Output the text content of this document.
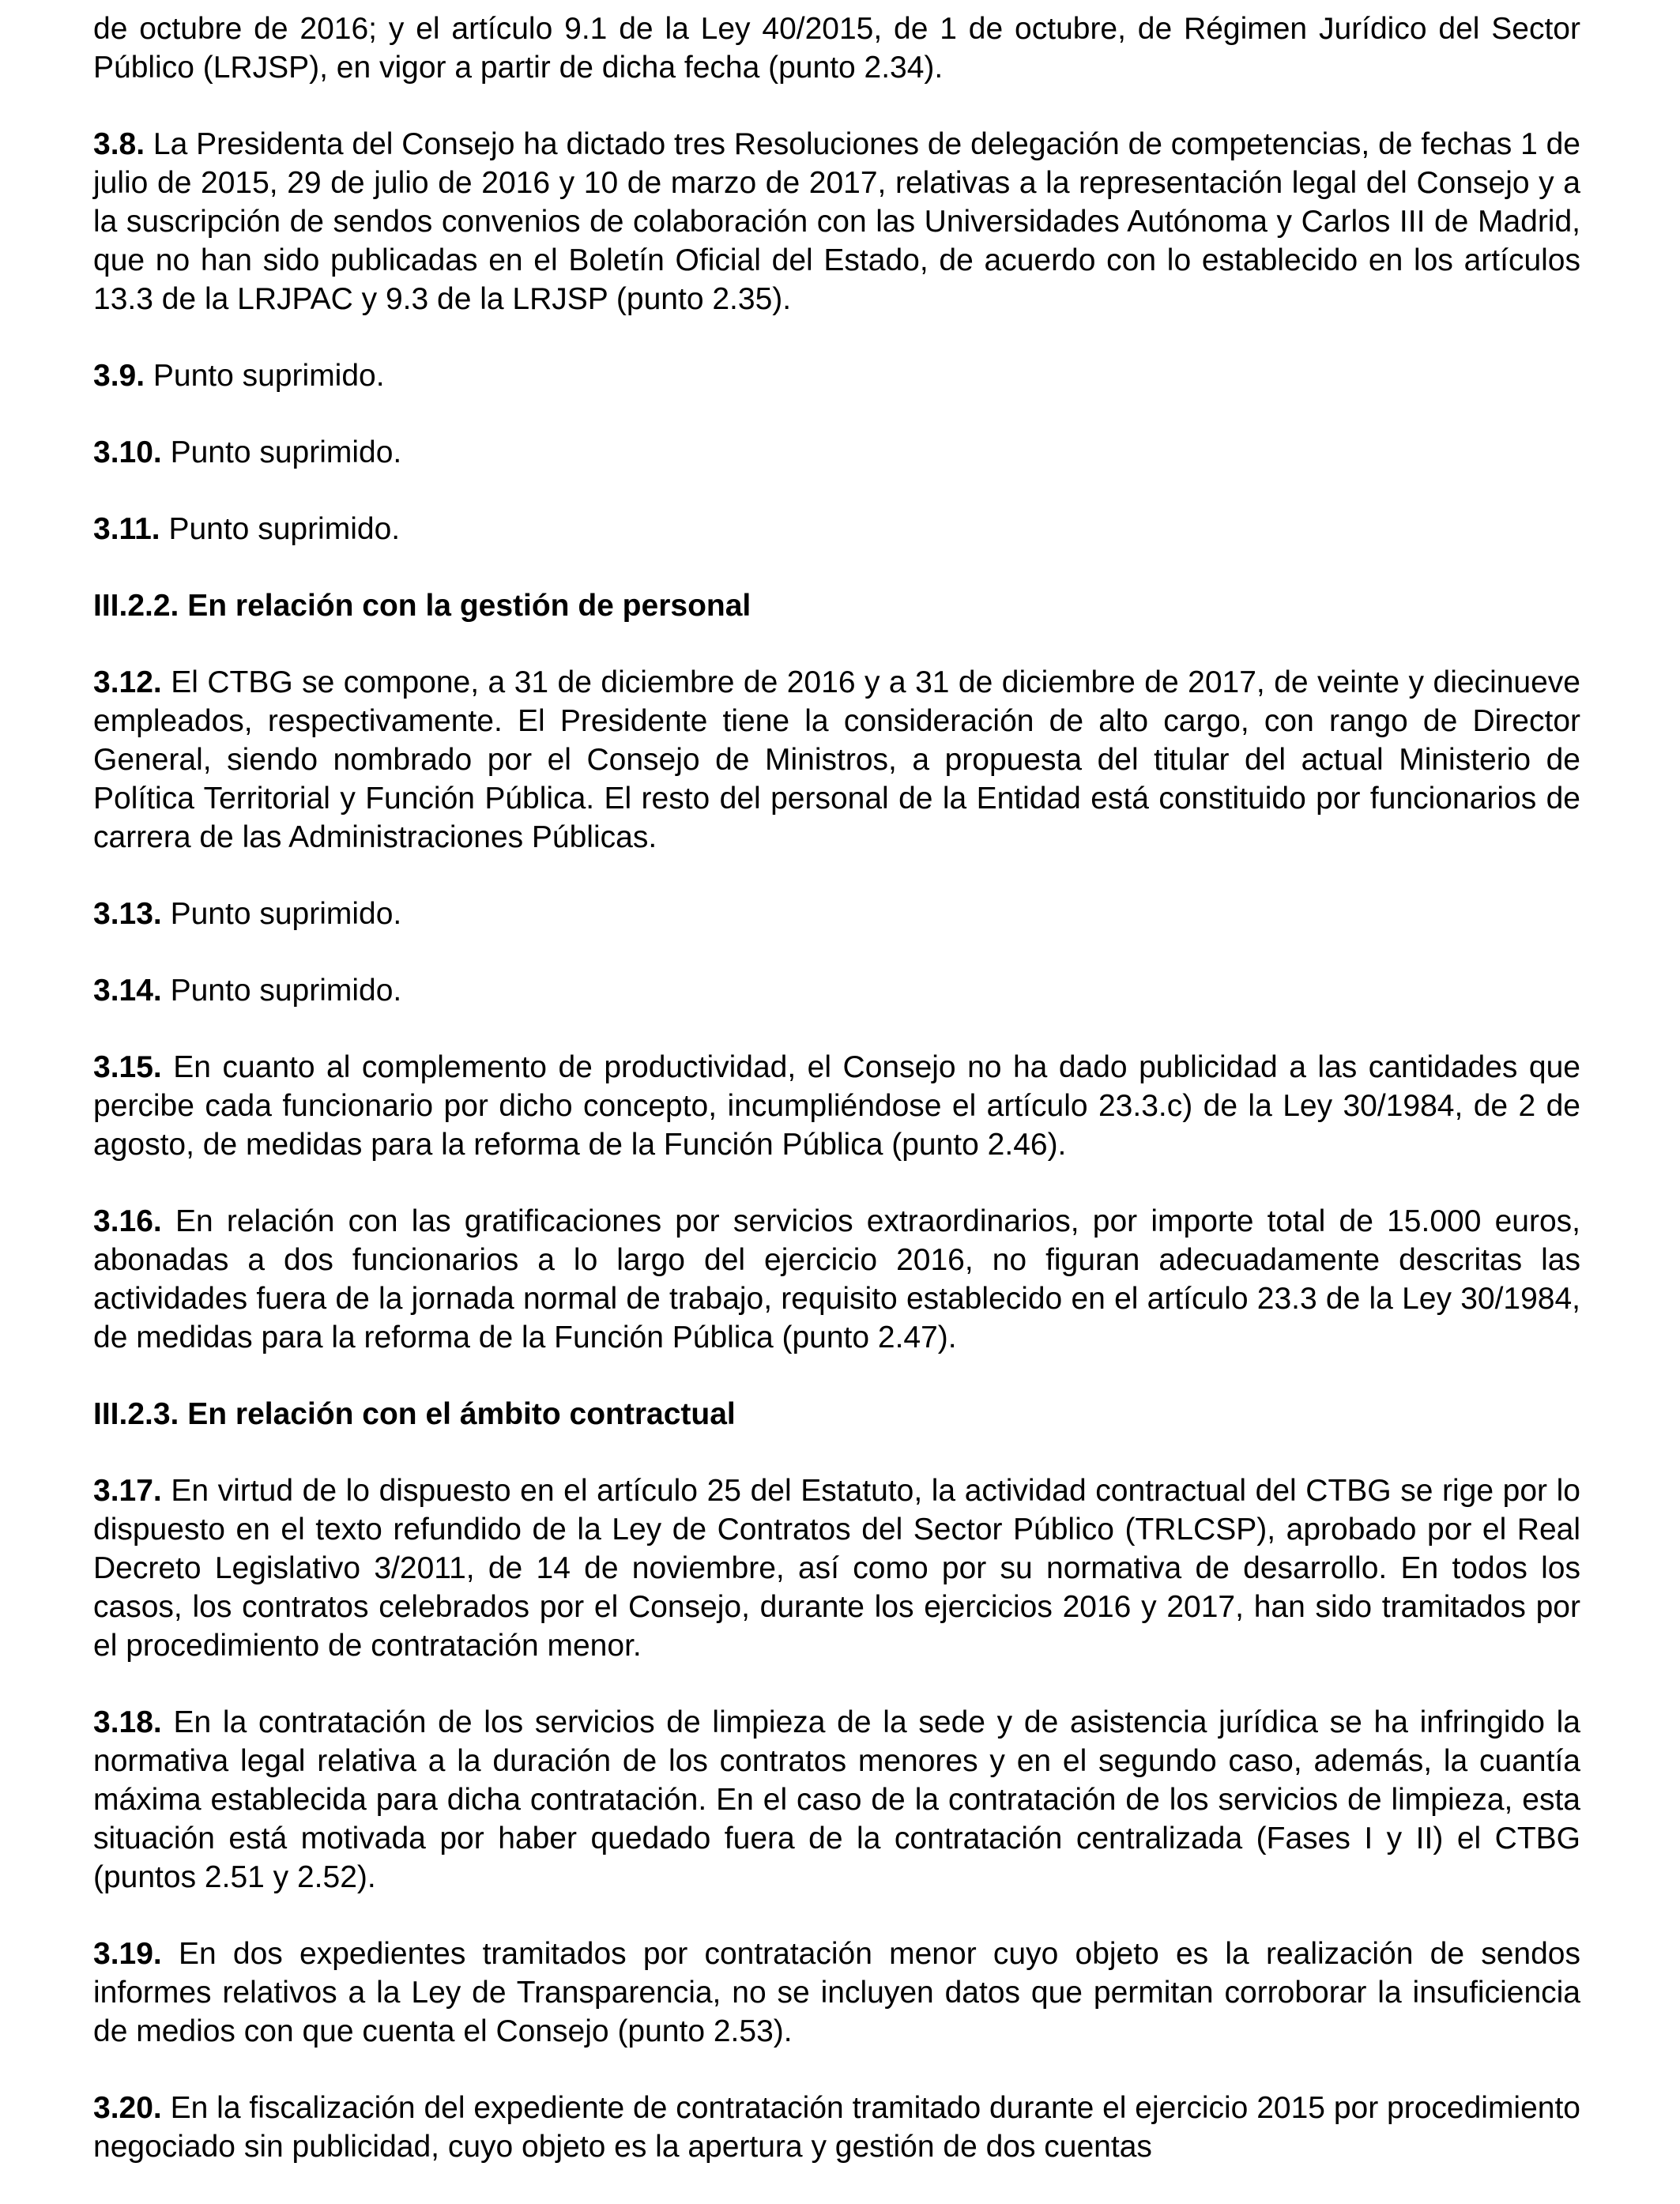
de octubre de 2016; y el artículo 9.1 de la Ley 40/2015, de 1 de octubre, de Régimen Jurídico del Sector Público (LRJSP), en vigor a partir de dicha fecha (punto 2.34).

3.8. La Presidenta del Consejo ha dictado tres Resoluciones de delegación de competencias, de fechas 1 de julio de 2015, 29 de julio de 2016 y 10 de marzo de 2017, relativas a la representación legal del Consejo y a la suscripción de sendos convenios de colaboración con las Universidades Autónoma y Carlos III de Madrid, que no han sido publicadas en el Boletín Oficial del Estado, de acuerdo con lo establecido en los artículos 13.3 de la LRJPAC y 9.3 de la LRJSP (punto 2.35).

3.9. Punto suprimido.

3.10. Punto suprimido.

3.11. Punto suprimido.

III.2.2. En relación con la gestión de personal

3.12. El CTBG se compone, a 31 de diciembre de 2016 y a 31 de diciembre de 2017, de veinte y diecinueve empleados, respectivamente. El Presidente tiene la consideración de alto cargo, con rango de Director General, siendo nombrado por el Consejo de Ministros, a propuesta del titular del actual Ministerio de Política Territorial y Función Pública. El resto del personal de la Entidad está constituido por funcionarios de carrera de las Administraciones Públicas.

3.13. Punto suprimido.

3.14. Punto suprimido.

3.15. En cuanto al complemento de productividad, el Consejo no ha dado publicidad a las cantidades que percibe cada funcionario por dicho concepto, incumpliéndose el artículo 23.3.c) de la Ley 30/1984, de 2 de agosto, de medidas para la reforma de la Función Pública (punto 2.46).

3.16. En relación con las gratificaciones por servicios extraordinarios, por importe total de 15.000 euros, abonadas a dos funcionarios a lo largo del ejercicio 2016, no figuran adecuadamente descritas las actividades fuera de la jornada normal de trabajo, requisito establecido en el artículo 23.3 de la Ley 30/1984, de medidas para la reforma de la Función Pública (punto 2.47).

III.2.3. En relación con el ámbito contractual

3.17. En virtud de lo dispuesto en el artículo 25 del Estatuto, la actividad contractual del CTBG se rige por lo dispuesto en el texto refundido de la Ley de Contratos del Sector Público (TRLCSP), aprobado por el Real Decreto Legislativo 3/2011, de 14 de noviembre, así como por su normativa de desarrollo. En todos los casos, los contratos celebrados por el Consejo, durante los ejercicios 2016 y 2017, han sido tramitados por el procedimiento de contratación menor.

3.18. En la contratación de los servicios de limpieza de la sede y de asistencia jurídica se ha infringido la normativa legal relativa a la duración de los contratos menores y en el segundo caso, además, la cuantía máxima establecida para dicha contratación. En el caso de la contratación de los servicios de limpieza, esta situación está motivada por haber quedado fuera de la contratación centralizada (Fases I y II) el CTBG (puntos 2.51 y 2.52).

3.19. En dos expedientes tramitados por contratación menor cuyo objeto es la realización de sendos informes relativos a la Ley de Transparencia, no se incluyen datos que permitan corroborar la insuficiencia de medios con que cuenta el Consejo (punto 2.53).

3.20. En la fiscalización del expediente de contratación tramitado durante el ejercicio 2015 por procedimiento negociado sin publicidad, cuyo objeto es la apertura y gestión de dos cuentas
